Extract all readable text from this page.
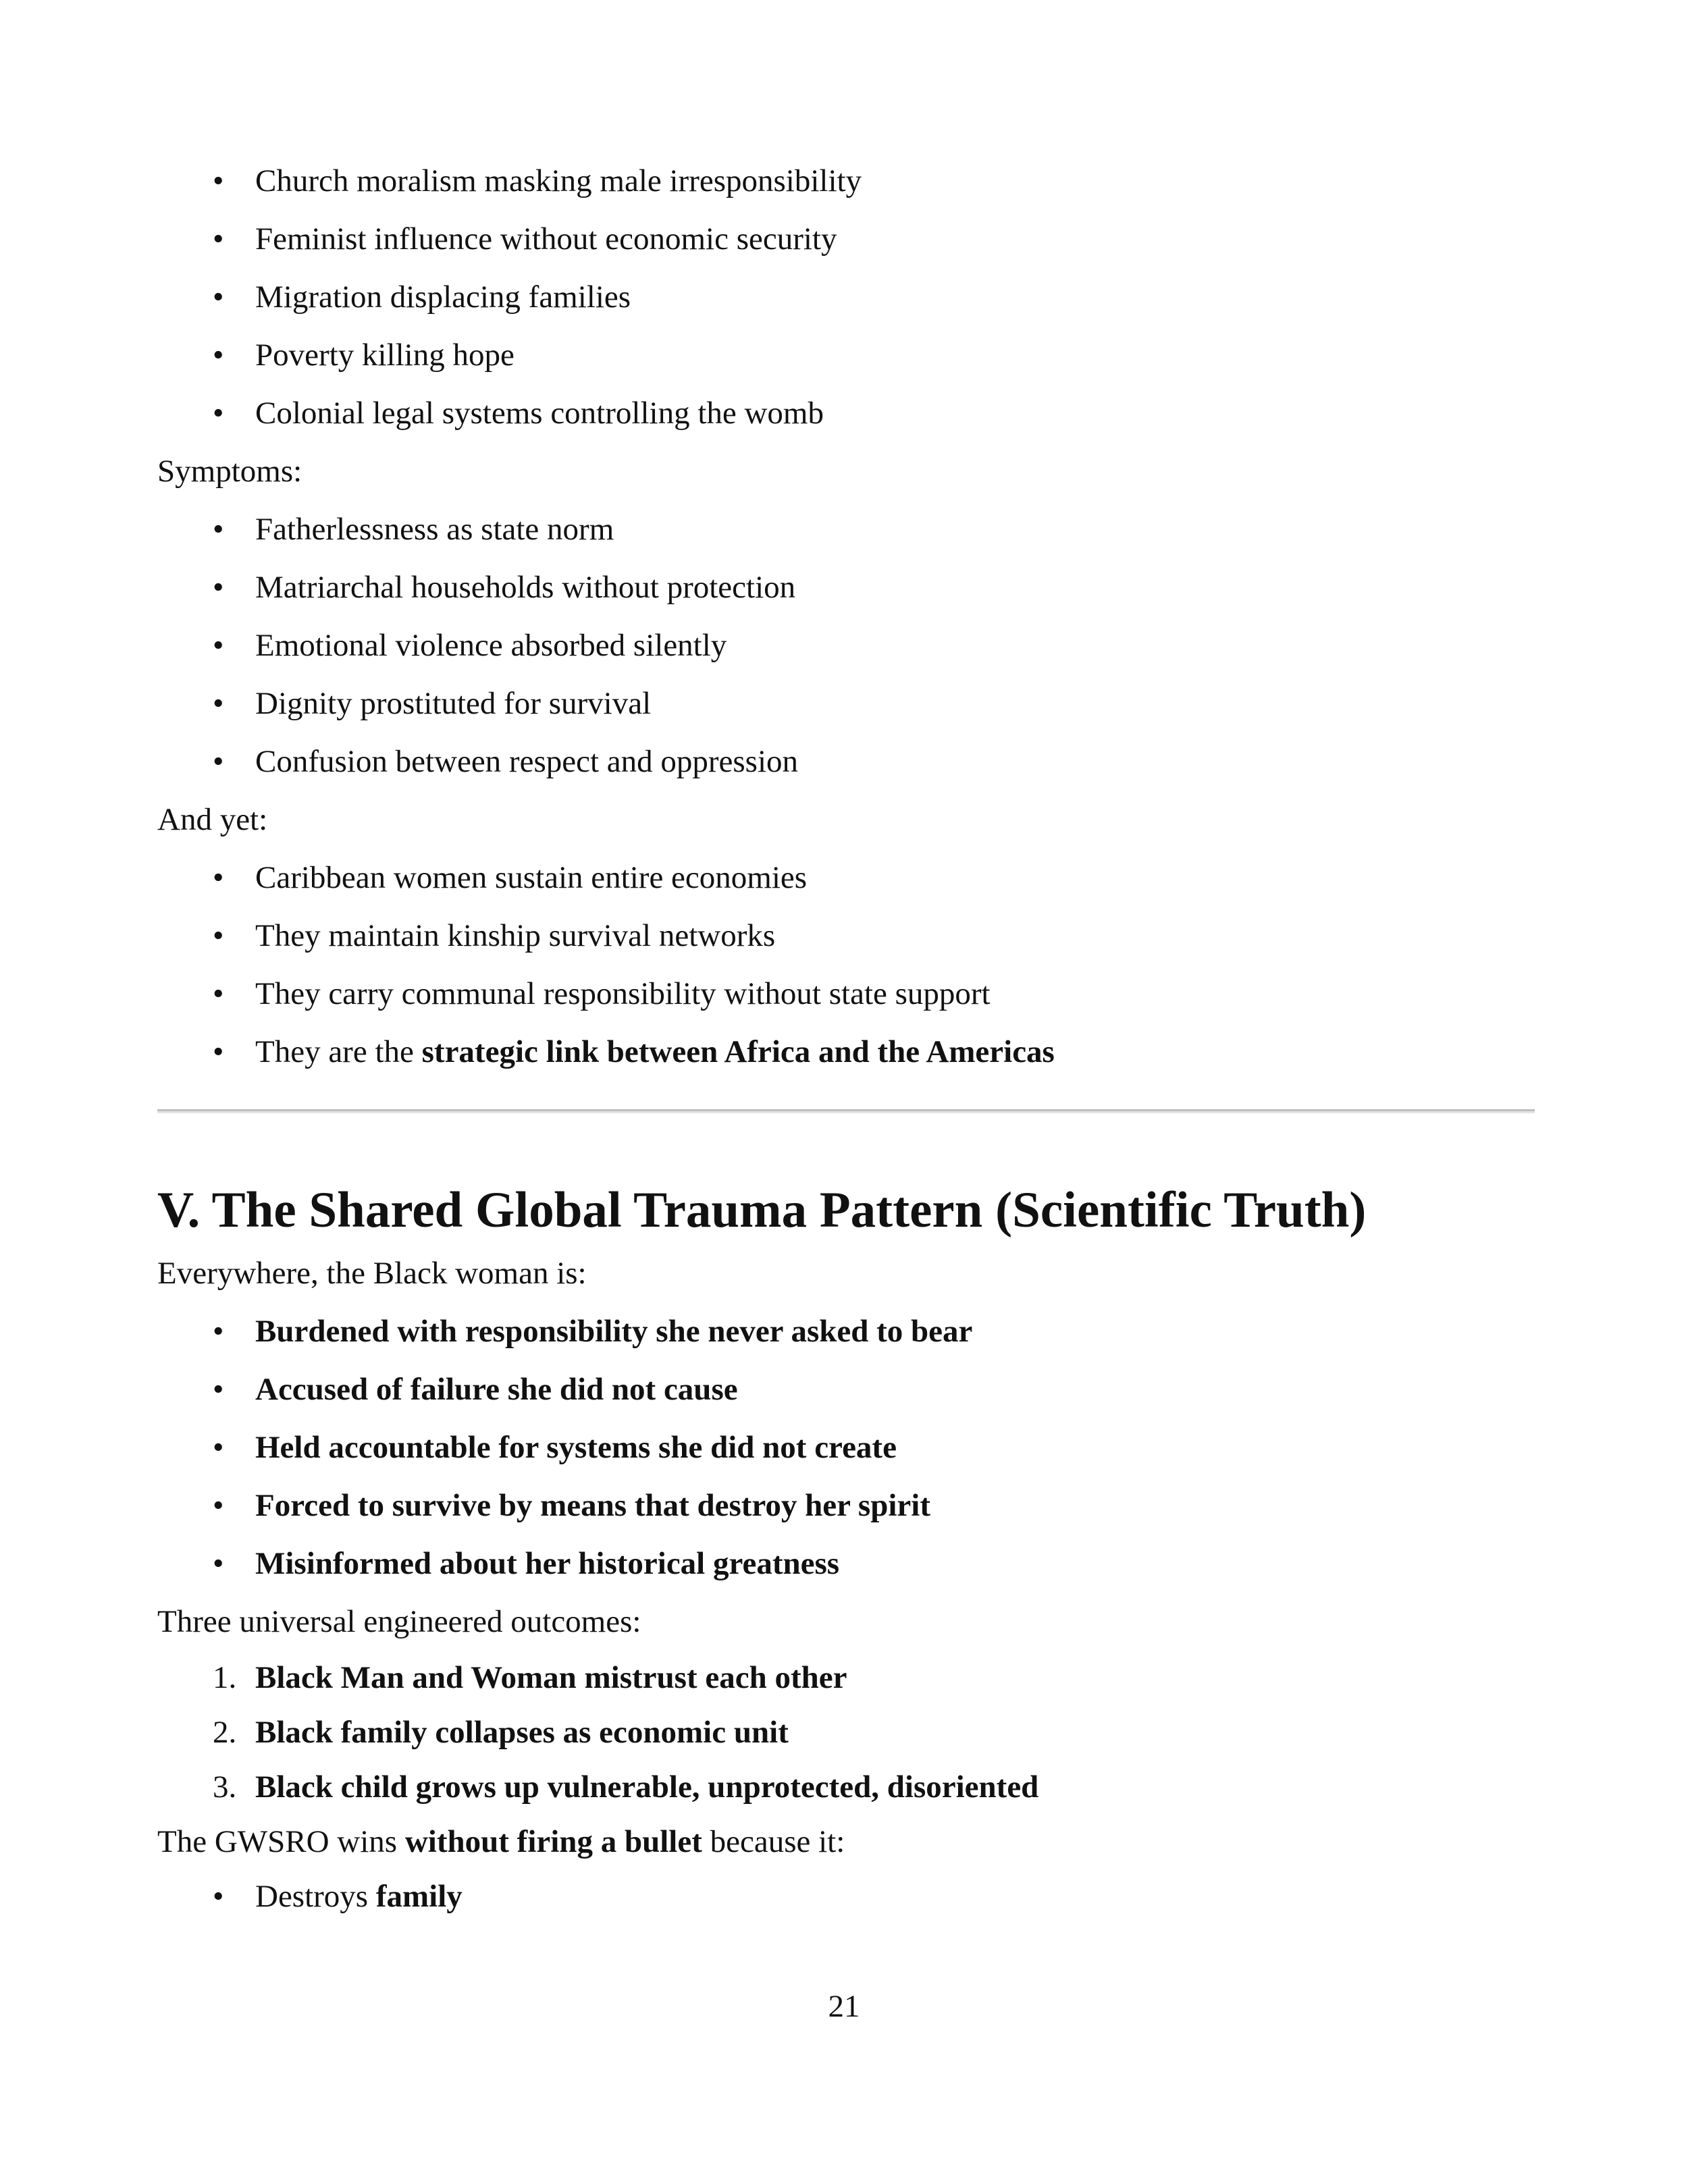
• Church moralism masking male irresponsibility
• Feminist influence without economic security
• Migration displacing families
• Poverty killing hope
• Colonial legal systems controlling the womb
Symptoms:
• Fatherlessness as state norm
• Matriarchal households without protection
• Emotional violence absorbed silently
• Dignity prostituted for survival
• Confusion between respect and oppression
And yet:
• Caribbean women sustain entire economies
• They maintain kinship survival networks
• They carry communal responsibility without state support
• They are the strategic link between Africa and the Americas
V. The Shared Global Trauma Pattern (Scientific Truth)
Everywhere, the Black woman is:
• Burdened with responsibility she never asked to bear
• Accused of failure she did not cause
• Held accountable for systems she did not create
• Forced to survive by means that destroy her spirit
• Misinformed about her historical greatness
Three universal engineered outcomes:
1. Black Man and Woman mistrust each other
2. Black family collapses as economic unit
3. Black child grows up vulnerable, unprotected, disoriented
The GWSRO wins without firing a bullet because it:
• Destroys family
21
